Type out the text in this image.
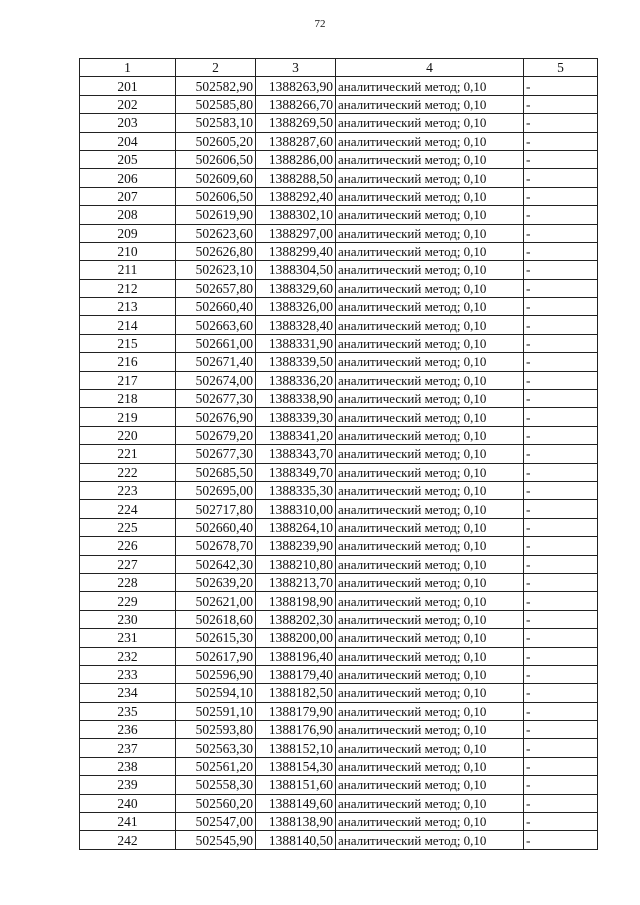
72
1	2	3	4	5
201	502582,90	1388263,90	аналитический метод; 0,10	-
202	502585,80	1388266,70	аналитический метод; 0,10	-
203	502583,10	1388269,50	аналитический метод; 0,10	-
204	502605,20	1388287,60	аналитический метод; 0,10	-
205	502606,50	1388286,00	аналитический метод; 0,10	-
206	502609,60	1388288,50	аналитический метод; 0,10	-
207	502606,50	1388292,40	аналитический метод; 0,10	-
208	502619,90	1388302,10	аналитический метод; 0,10	-
209	502623,60	1388297,00	аналитический метод; 0,10	-
210	502626,80	1388299,40	аналитический метод; 0,10	-
211	502623,10	1388304,50	аналитический метод; 0,10	-
212	502657,80	1388329,60	аналитический метод; 0,10	-
213	502660,40	1388326,00	аналитический метод; 0,10	-
214	502663,60	1388328,40	аналитический метод; 0,10	-
215	502661,00	1388331,90	аналитический метод; 0,10	-
216	502671,40	1388339,50	аналитический метод; 0,10	-
217	502674,00	1388336,20	аналитический метод; 0,10	-
218	502677,30	1388338,90	аналитический метод; 0,10	-
219	502676,90	1388339,30	аналитический метод; 0,10	-
220	502679,20	1388341,20	аналитический метод; 0,10	-
221	502677,30	1388343,70	аналитический метод; 0,10	-
222	502685,50	1388349,70	аналитический метод; 0,10	-
223	502695,00	1388335,30	аналитический метод; 0,10	-
224	502717,80	1388310,00	аналитический метод; 0,10	-
225	502660,40	1388264,10	аналитический метод; 0,10	-
226	502678,70	1388239,90	аналитический метод; 0,10	-
227	502642,30	1388210,80	аналитический метод; 0,10	-
228	502639,20	1388213,70	аналитический метод; 0,10	-
229	502621,00	1388198,90	аналитический метод; 0,10	-
230	502618,60	1388202,30	аналитический метод; 0,10	-
231	502615,30	1388200,00	аналитический метод; 0,10	-
232	502617,90	1388196,40	аналитический метод; 0,10	-
233	502596,90	1388179,40	аналитический метод; 0,10	-
234	502594,10	1388182,50	аналитический метод; 0,10	-
235	502591,10	1388179,90	аналитический метод; 0,10	-
236	502593,80	1388176,90	аналитический метод; 0,10	-
237	502563,30	1388152,10	аналитический метод; 0,10	-
238	502561,20	1388154,30	аналитический метод; 0,10	-
239	502558,30	1388151,60	аналитический метод; 0,10	-
240	502560,20	1388149,60	аналитический метод; 0,10	-
241	502547,00	1388138,90	аналитический метод; 0,10	-
242	502545,90	1388140,50	аналитический метод; 0,10	-
